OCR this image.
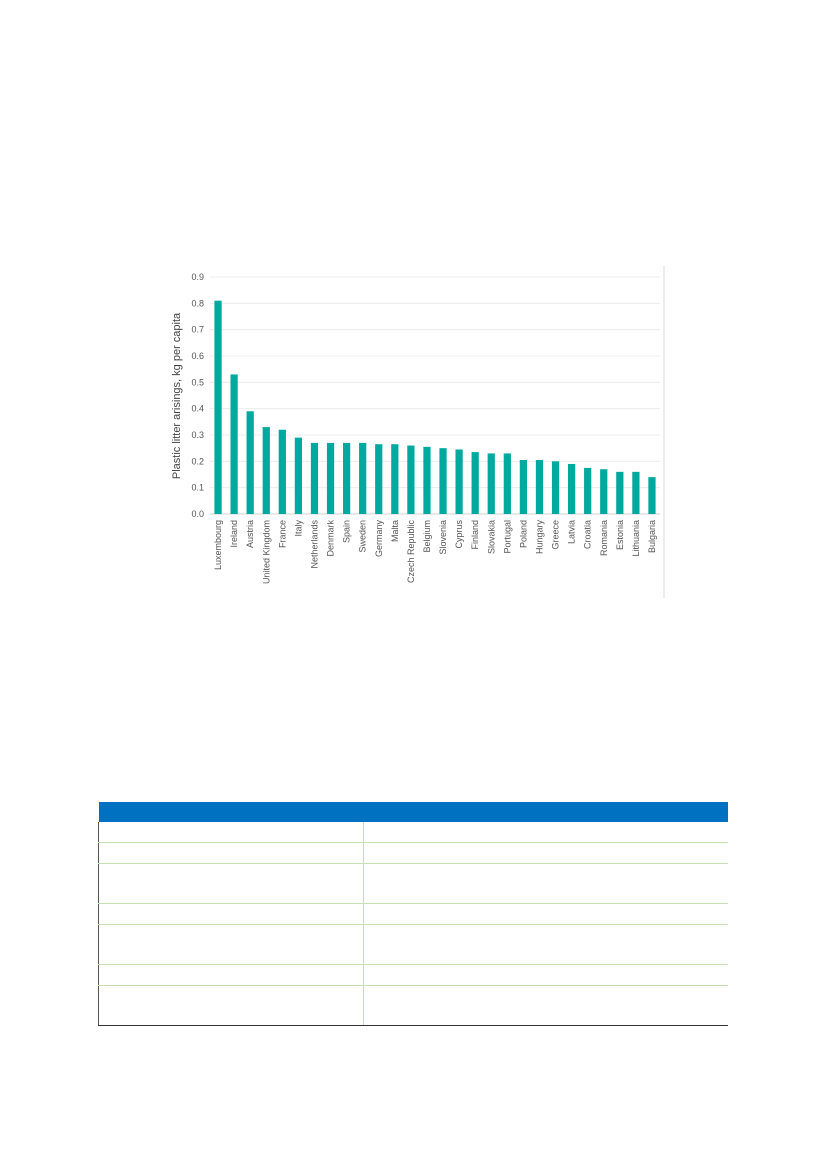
0.0
0.1
0.2
0.3
0.4
0.5
0.6
0.7
0.8
0.9
Luxembourg Ireland Austria United Kingdom France Italy Netherlands Denmark Spain Sweden Germany Malta Czech Republic Belgium Slovenia Cyprus Finland Slovakia Portugal Poland Hungary Greece Latvia Croatia Romania Estonia Lithuania Bulgaria
Plastic litter arisings, kg per capita
